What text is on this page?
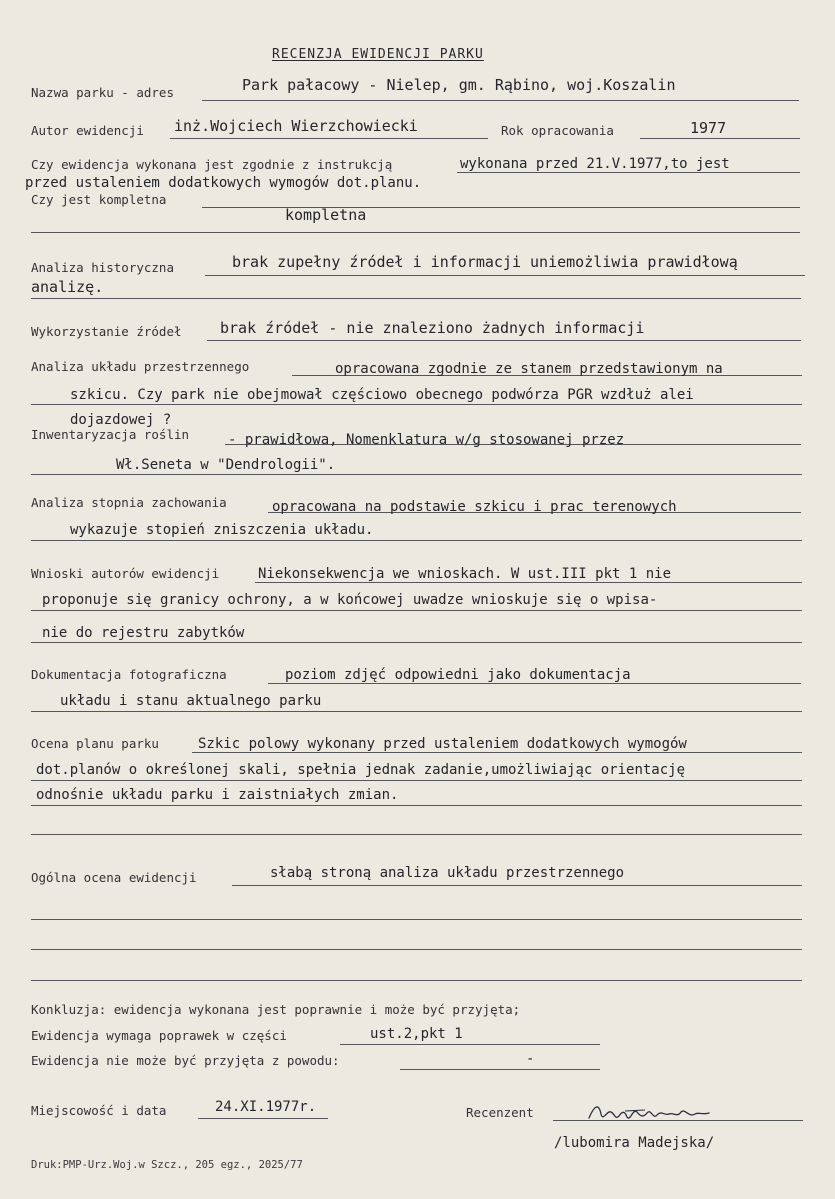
RECENZJA EWIDENCJI PARKU
Nazwa parku - adres	Park pałacowy - Nielep, gm. Rąbino, woj.Koszalin
Autor ewidencji inż.Wojciech Wierzchowiecki	Rok opracowania	1977
Czy ewidencja wykonana jest zgodnie z instrukcją	wykonana przed 21.V.1977,to jest
przed ustaleniem dodatkowych wymogów dot.planu.
Czy jest kompletna
kompletna
Analiza historyczna	brak zupełny źródeł i informacji uniemożliwia prawidłową
analizę.
Wykorzystanie źródeł	brak źródeł - nie znaleziono żadnych informacji
Analiza układu przestrzennego	opracowana zgodnie ze stanem przedstawionym na
szkicu. Czy park nie obejmował częściowo obecnego podwórza PGR wzdłuż alei
dojazdowej ?
Inwentaryzacja roślin	- prawidłowa, Nomenklatura w/g stosowanej przez
Wł.Seneta w "Dendrologii".
Analiza stopnia zachowania	opracowana na podstawie szkicu i prac terenowych
wykazuje stopień zniszczenia układu.
Wnioski autorów ewidencji	Niekonsekwencja we wnioskach. W ust.III pkt 1 nie
proponuje się granicy ochrony, a w końcowej uwadze wnioskuje się o wpisa-
nie do rejestru zabytków
Dokumentacja fotograficzna	poziom zdjęć odpowiedni jako dokumentacja
układu i stanu aktualnego parku
Ocena planu parku	Szkic polowy wykonany przed ustaleniem dodatkowych wymogów
dot.planów o określonej skali, spełnia jednak zadanie,umożliwiając orientację
odnośnie układu parku i zaistniałych zmian.
Ogólna ocena ewidencji	słabą stroną analiza układu przestrzennego
Konkluzja: ewidencja wykonana jest poprawnie i może być przyjęta;
Ewidencja wymaga poprawek w części	ust.2,pkt 1
Ewidencja nie może być przyjęta z powodu:	-
Miejscowość i data	24.XI.1977r.	Recenzent
/lubomira Madejska/
Druk:PMP-Urz.Woj.w Szcz., 205 egz., 2025/77
